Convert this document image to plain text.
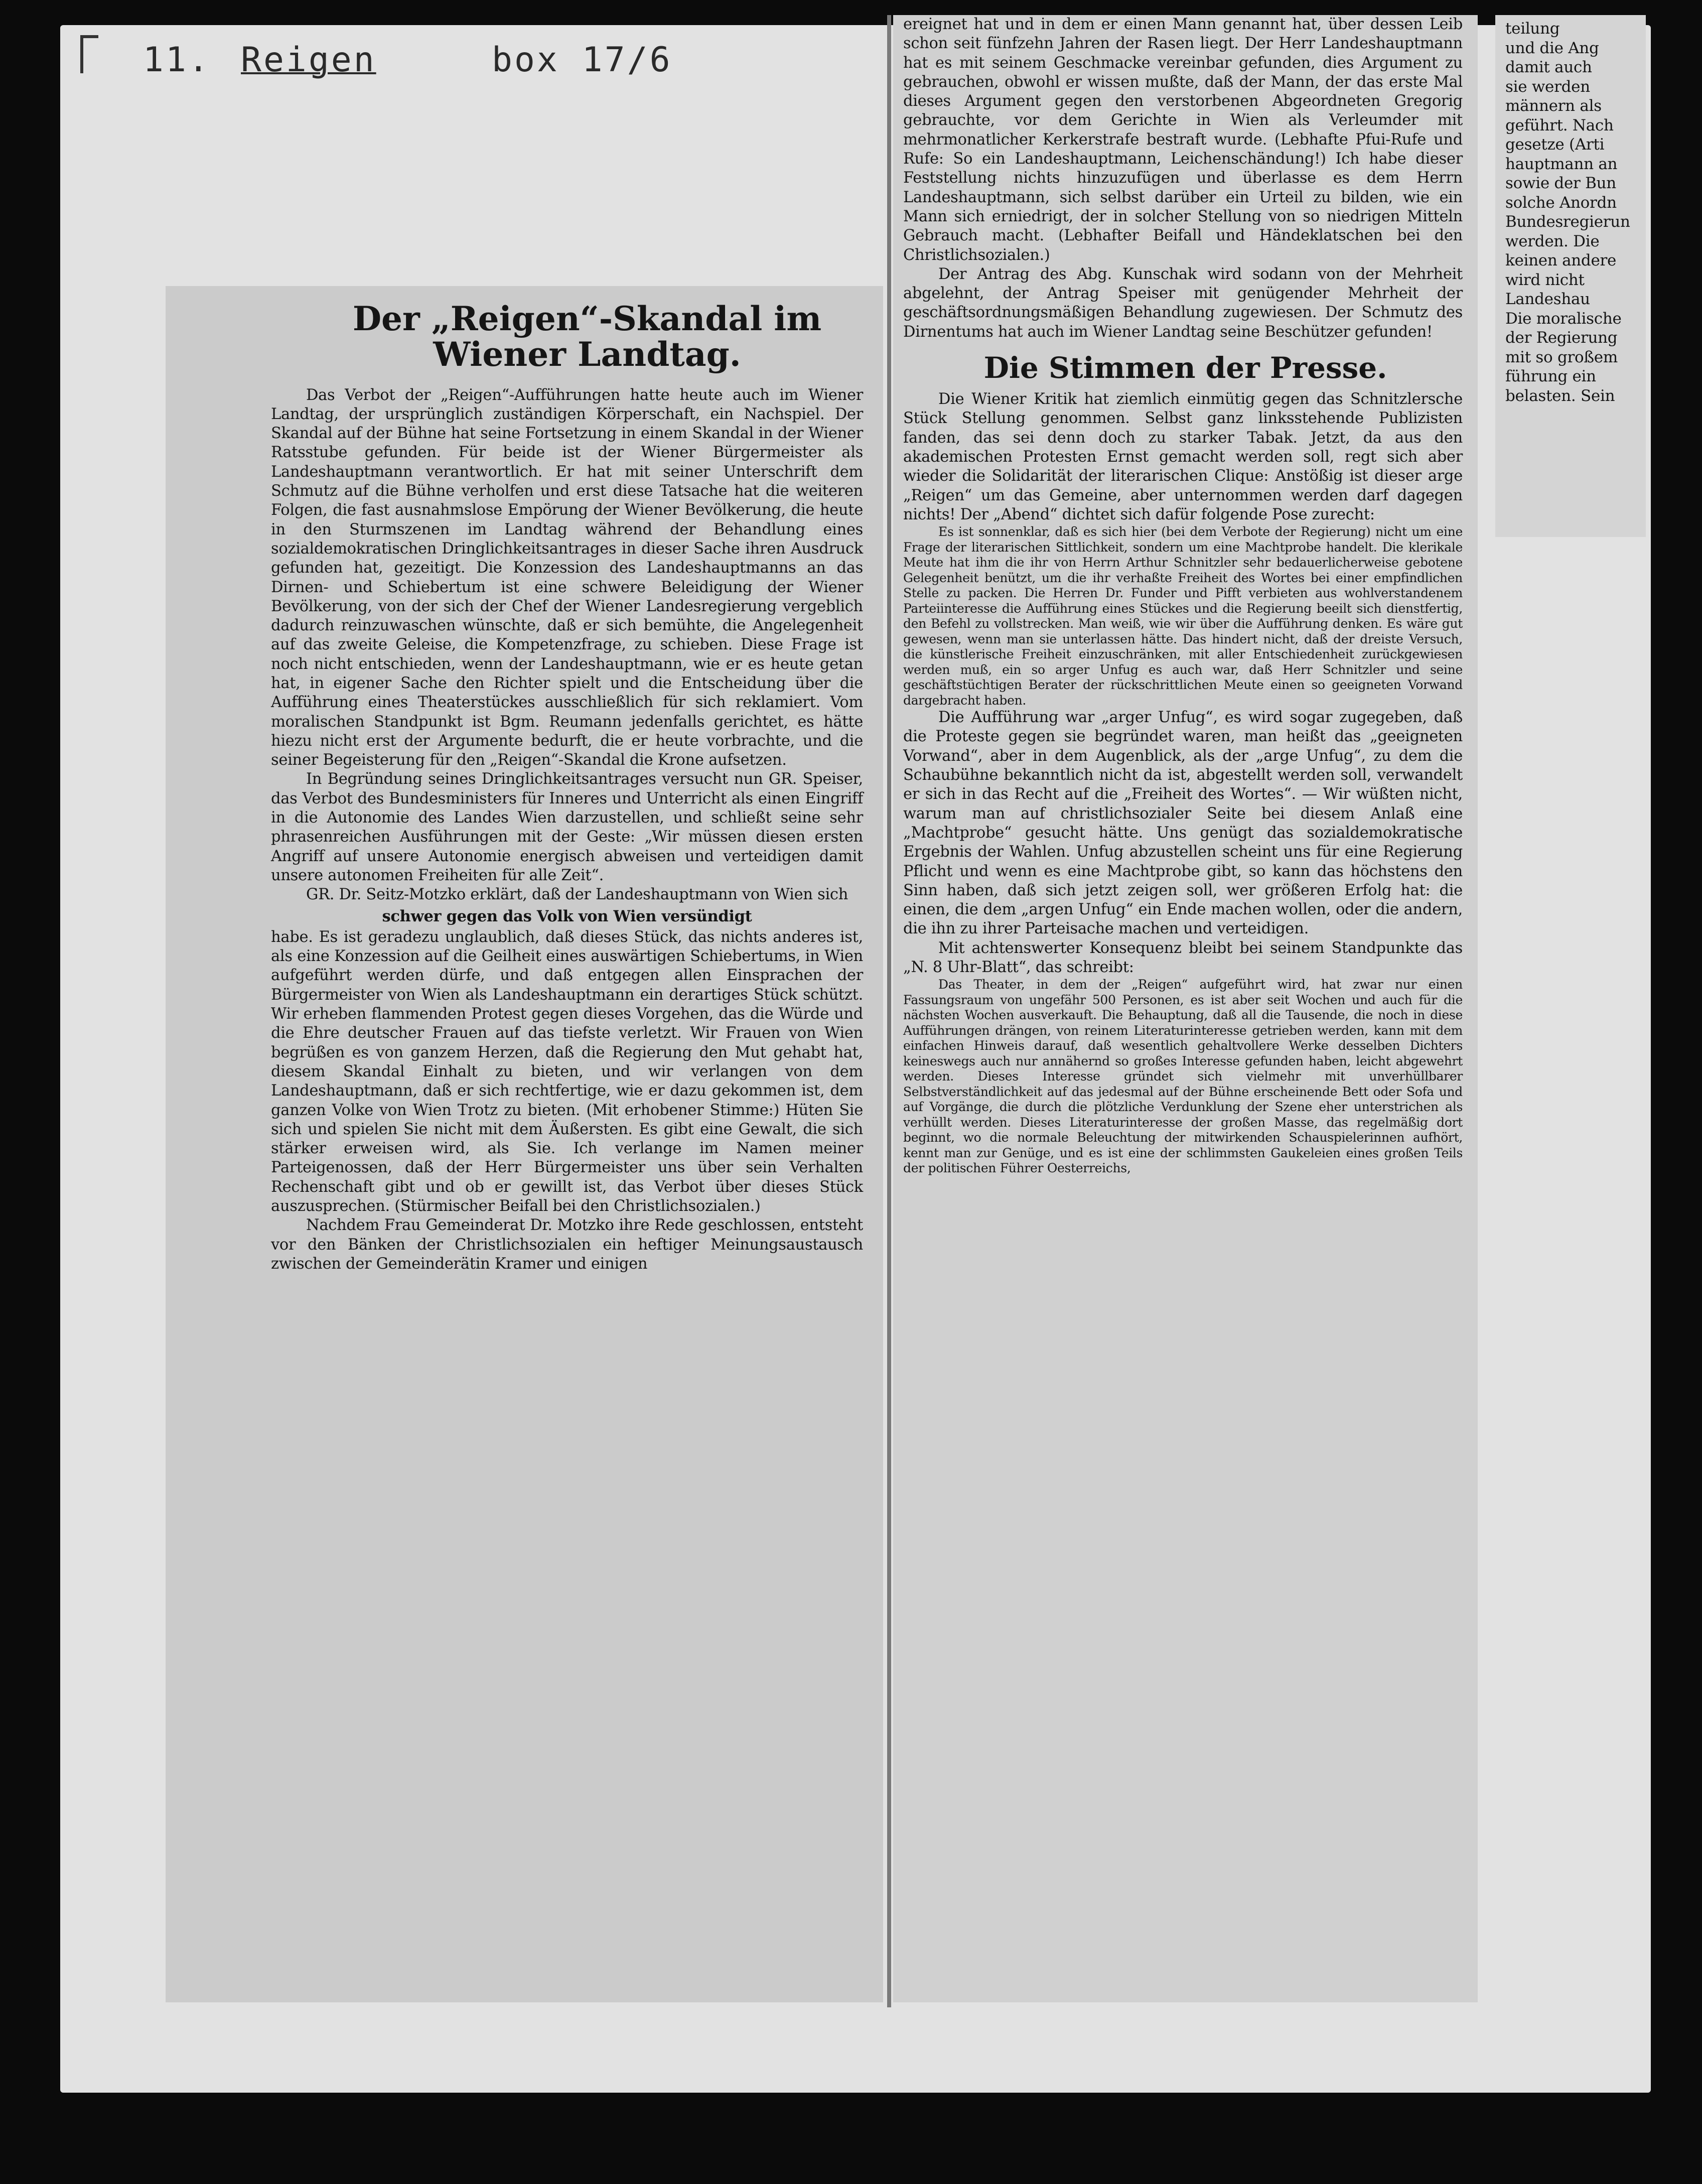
11. Reigen	box 17/6
Der „Reigen“-Skandal im Wiener Landtag.

Das Verbot der „Reigen“-Aufführungen hatte heute auch im Wiener Landtag, der ursprünglich zuständigen Körperschaft, ein Nachspiel. Der Skandal auf der Bühne hat seine Fortsetzung in einem Skandal in der Wiener Ratsstube gefunden. Für beide ist der Wiener Bürgermeister als Landeshauptmann verantwortlich. Er hat mit seiner Unterschrift dem Schmutz auf die Bühne verholfen und erst diese Tatsache hat die weiteren Folgen, die fast ausnahmslose Empörung der Wiener Bevölkerung, die heute in den Sturmszenen im Landtag während der Behandlung eines sozialdemokratischen Dringlichkeitsantrages in dieser Sache ihren Ausdruck gefunden hat, gezeitigt. Die Konzession des Landeshauptmanns an das Dirnen- und Schiebertum ist eine schwere Beleidigung der Wiener Bevölkerung, von der sich der Chef der Wiener Landesregierung vergeblich dadurch reinzuwaschen wünschte, daß er sich bemühte, die Angelegenheit auf das zweite Geleise, die Kompetenzfrage, zu schieben. Diese Frage ist noch nicht entschieden, wenn der Landeshauptmann, wie er es heute getan hat, in eigener Sache den Richter spielt und die Entscheidung über die Aufführung eines Theaterstückes ausschließlich für sich reklamiert. Vom moralischen Standpunkt ist Bgm. Reumann jedenfalls gerichtet, es hätte hiezu nicht erst der Argumente bedurft, die er heute vorbrachte, und die seiner Begeisterung für den „Reigen“-Skandal die Krone aufsetzen.

In Begründung seines Dringlichkeitsantrages versucht nun GR. Speiser, das Verbot des Bundesministers für Inneres und Unterricht als einen Eingriff in die Autonomie des Landes Wien darzustellen, und schließt seine sehr phrasenreichen Ausführungen mit der Geste: „Wir müssen diesen ersten Angriff auf unsere Autonomie energisch abweisen und verteidigen damit unsere autonomen Freiheiten für alle Zeit“.

GR. Dr. Seitz-Motzko erklärt, daß der Landeshauptmann von Wien sich

schwer gegen das Volk von Wien versündigt

habe. Es ist geradezu unglaublich, daß dieses Stück, das nichts anderes ist, als eine Konzession auf die Geilheit eines auswärtigen Schiebertums, in Wien aufgeführt werden dürfe, und daß entgegen allen Einsprachen der Bürgermeister von Wien als Landeshauptmann ein derartiges Stück schützt. Wir erheben flammenden Protest gegen dieses Vorgehen, das die Würde und die Ehre deutscher Frauen auf das tiefste verletzt. Wir Frauen von Wien begrüßen es von ganzem Herzen, daß die Regierung den Mut gehabt hat, diesem Skandal Einhalt zu bieten, und wir verlangen von dem Landeshauptmann, daß er sich rechtfertige, wie er dazu gekommen ist, dem ganzen Volke von Wien Trotz zu bieten. (Mit erhobener Stimme:) Hüten Sie sich und spielen Sie nicht mit dem Äußersten. Es gibt eine Gewalt, die sich stärker erweisen wird, als Sie. Ich verlange im Namen meiner Parteigenossen, daß der Herr Bürgermeister uns über sein Verhalten Rechenschaft gibt und ob er gewillt ist, das Verbot über dieses Stück auszusprechen. (Stürmischer Beifall bei den Christlichsozialen.)

Nachdem Frau Gemeinderat Dr. Motzko ihre Rede geschlossen, entsteht vor den Bänken der Christlichsozialen ein heftiger Meinungsaustausch zwischen der Gemeinderätin Kramer und einigen

ereignet hat und in dem er einen Mann genannt hat, über dessen Leib schon seit fünfzehn Jahren der Rasen liegt. Der Herr Landeshauptmann hat es mit seinem Geschmacke vereinbar gefunden, dies Argument zu gebrauchen, obwohl er wissen mußte, daß der Mann, der das erste Mal dieses Argument gegen den verstorbenen Abgeordneten Gregorig gebrauchte, vor dem Gerichte in Wien als Verleumder mit mehrmonatlicher Kerkerstrafe bestraft wurde. (Lebhafte Pfui-Rufe und Rufe: So ein Landeshauptmann, Leichenschändung!) Ich habe dieser Feststellung nichts hinzuzufügen und überlasse es dem Herrn Landeshauptmann, sich selbst darüber ein Urteil zu bilden, wie ein Mann sich erniedrigt, der in solcher Stellung von so niedrigen Mitteln Gebrauch macht. (Lebhafter Beifall und Händeklatschen bei den Christlichsozialen.)

Der Antrag des Abg. Kunschak wird sodann von der Mehrheit abgelehnt, der Antrag Speiser mit genügender Mehrheit der geschäftsordnungsmäßigen Behandlung zugewiesen. Der Schmutz des Dirnentums hat auch im Wiener Landtag seine Beschützer gefunden!

Die Stimmen der Presse.

Die Wiener Kritik hat ziemlich einmütig gegen das Schnitzlersche Stück Stellung genommen. Selbst ganz linksstehende Publizisten fanden, das sei denn doch zu starker Tabak. Jetzt, da aus den akademischen Protesten Ernst gemacht werden soll, regt sich aber wieder die Solidarität der literarischen Clique: Anstößig ist dieser arge „Reigen“ um das Gemeine, aber unternommen werden darf dagegen nichts! Der „Abend“ dichtet sich dafür folgende Pose zurecht:

Es ist sonnenklar, daß es sich hier (bei dem Verbote der Regierung) nicht um eine Frage der literarischen Sittlichkeit, sondern um eine Machtprobe handelt. Die klerikale Meute hat ihm die ihr von Herrn Arthur Schnitzler sehr bedauerlicherweise gebotene Gelegenheit benützt, um die ihr verhaßte Freiheit des Wortes bei einer empfindlichen Stelle zu packen. Die Herren Dr. Funder und Pifft verbieten aus wohlverstandenem Parteiinteresse die Aufführung eines Stückes und die Regierung beeilt sich dienstfertig, den Befehl zu vollstrecken. Man weiß, wie wir über die Aufführung denken. Es wäre gut gewesen, wenn man sie unterlassen hätte. Das hindert nicht, daß der dreiste Versuch, die künstlerische Freiheit einzuschränken, mit aller Entschiedenheit zurückgewiesen werden muß, ein so arger Unfug es auch war, daß Herr Schnitzler und seine geschäftstüchtigen Berater der rückschrittlichen Meute einen so geeigneten Vorwand dargebracht haben.

Die Aufführung war „arger Unfug“, es wird sogar zugegeben, daß die Proteste gegen sie begründet waren, man heißt das „geeigneten Vorwand“, aber in dem Augenblick, als der „arge Unfug“, zu dem die Schaubühne bekanntlich nicht da ist, abgestellt werden soll, verwandelt er sich in das Recht auf die „Freiheit des Wortes“. — Wir wüßten nicht, warum man auf christlichsozialer Seite bei diesem Anlaß eine „Machtprobe“ gesucht hätte. Uns genügt das sozialdemokratische Ergebnis der Wahlen. Unfug abzustellen scheint uns für eine Regierung Pflicht und wenn es eine Machtprobe gibt, so kann das höchstens den Sinn haben, daß sich jetzt zeigen soll, wer größeren Erfolg hat: die einen, die dem „argen Unfug“ ein Ende machen wollen, oder die andern, die ihn zu ihrer Parteisache machen und verteidigen.

Mit achtenswerter Konsequenz bleibt bei seinem Standpunkte das „N. 8 Uhr-Blatt“, das schreibt:

Das Theater, in dem der „Reigen“ aufgeführt wird, hat zwar nur einen Fassungsraum von ungefähr 500 Personen, es ist aber seit Wochen und auch für die nächsten Wochen ausverkauft. Die Behauptung, daß all die Tausende, die noch in diese Aufführungen drängen, von reinem Literaturinteresse getrieben werden, kann mit dem einfachen Hinweis darauf, daß wesentlich gehaltvollere Werke desselben Dichters keineswegs auch nur annähernd so großes Interesse gefunden haben, leicht abgewehrt werden. Dieses Interesse gründet sich vielmehr mit unverhüllbarer Selbstverständlichkeit auf das jedesmal auf der Bühne erscheinende Bett oder Sofa und auf Vorgänge, die durch die plötzliche Verdunklung der Szene eher unterstrichen als verhüllt werden. Dieses Literaturinteresse der großen Masse, das regelmäßig dort beginnt, wo die normale Beleuchtung der mitwirkenden Schauspielerinnen aufhört, kennt man zur Genüge, und es ist eine der schlimmsten Gaukeleien eines großen Teils der politischen Führer Oesterreichs,

teilung
und die Ang
damit auch
sie werden
männern als
geführt. Nach
gesetze (Arti
hauptmann an
sowie der Bun
solche Anordn
Bundesregierun
werden. Die
keinen andere
wird nicht
Landeshau
Die moralische
der Regierung
mit so großem
führung ein
belasten. Sein
